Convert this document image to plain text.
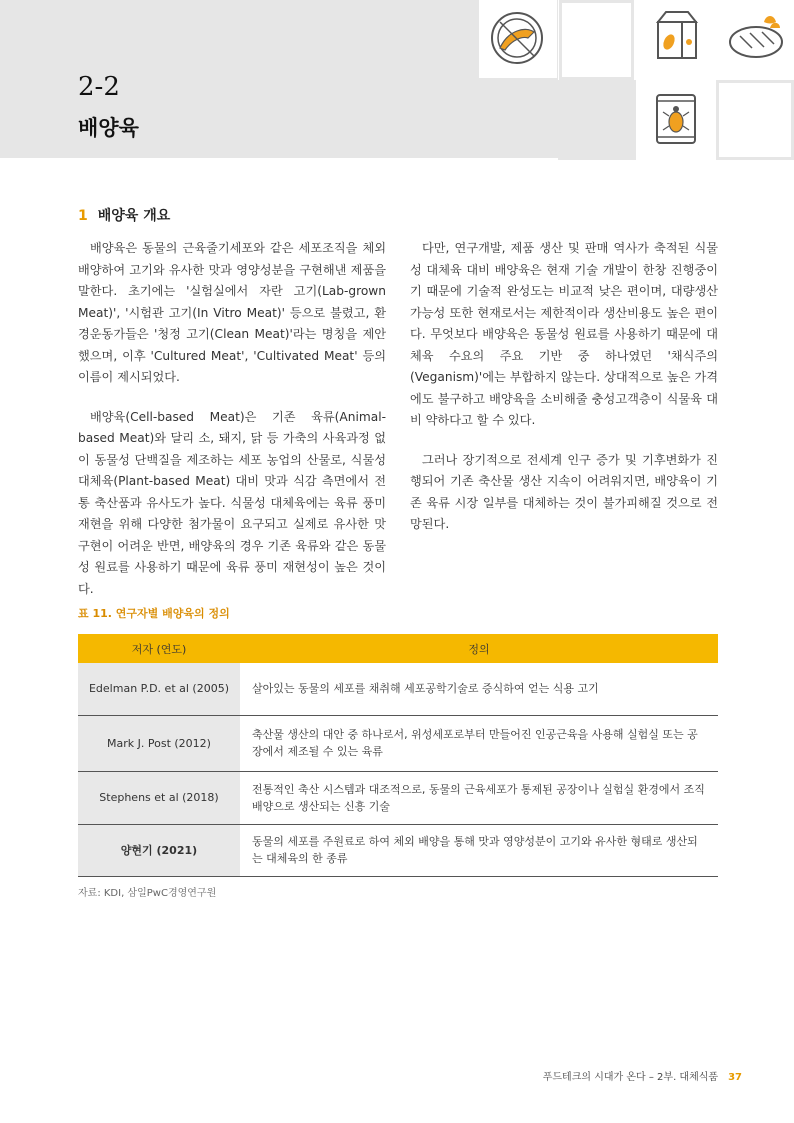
2-2
배양육
1 배양육 개요

배양육은 동물의 근육줄기세포와 같은 세포조직을 체외 배양하여 고기와 유사한 맛과 영양성분을 구현해낸 제품을 말한다. 초기에는 '실험실에서 자란 고기(Lab-grown Meat)', '시험관 고기(In Vitro Meat)' 등으로 불렸고, 환경운동가들은 '청정 고기(Clean Meat)'라는 명칭을 제안했으며, 이후 'Cultured Meat', 'Cultivated Meat' 등의 이름이 제시되었다.

배양육(Cell-based Meat)은 기존 육류(Animal-based Meat)와 달리 소, 돼지, 닭 등 가축의 사육과정 없이 동물성 단백질을 제조하는 세포 농업의 산물로, 식물성 대체육(Plant-based Meat) 대비 맛과 식감 측면에서 전통 축산품과 유사도가 높다. 식물성 대체육에는 육류 풍미 재현을 위해 다양한 첨가물이 요구되고 실제로 유사한 맛 구현이 어려운 반면, 배양육의 경우 기존 육류와 같은 동물성 원료를 사용하기 때문에 육류 풍미 재현성이 높은 것이다.

다만, 연구개발, 제품 생산 및 판매 역사가 축적된 식물성 대체육 대비 배양육은 현재 기술 개발이 한창 진행중이기 때문에 기술적 완성도는 비교적 낮은 편이며, 대량생산 가능성 또한 현재로서는 제한적이라 생산비용도 높은 편이다. 무엇보다 배양육은 동물성 원료를 사용하기 때문에 대체육 수요의 주요 기반 중 하나였던 '채식주의(Veganism)'에는 부합하지 않는다. 상대적으로 높은 가격에도 불구하고 배양육을 소비해줄 충성고객층이 식물육 대비 약하다고 할 수 있다.

그러나 장기적으로 전세계 인구 증가 및 기후변화가 진행되어 기존 축산물 생산 지속이 어려워지면, 배양육이 기존 육류 시장 일부를 대체하는 것이 불가피해질 것으로 전망된다.

표 11. 연구자별 배양육의 정의
저자 (연도)	정의
Edelman P.D. et al (2005)	살아있는 동물의 세포를 채취해 세포공학기술로 증식하여 얻는 식용 고기
Mark J. Post (2012)	축산물 생산의 대안 중 하나로서, 위성세포로부터 만들어진 인공근육을 사용해 실험실 또는 공장에서 제조될 수 있는 육류
Stephens et al (2018)	전통적인 축산 시스템과 대조적으로, 동물의 근육세포가 통제된 공장이나 실험실 환경에서 조직 배양으로 생산되는 신흥 기술
양현기 (2021)	동물의 세포를 주원료로 하여 체외 배양을 통해 맛과 영양성분이 고기와 유사한 형태로 생산되는 대체육의 한 종류
자료: KDI, 삼일PwC경영연구원
푸드테크의 시대가 온다 – 2부. 대체식품 37
